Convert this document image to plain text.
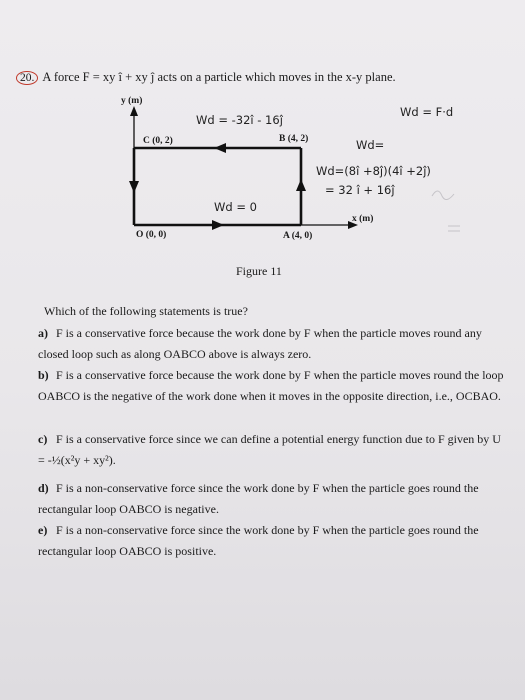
20. A force F = xy î + xy ĵ acts on a particle which moves in the x-y plane.
y (m)
x (m)
C (0, 2)	B (4, 2)
O (0, 0)	A (4, 0)
Wd = -32î - 16ĵ
Wd = F·d
Wd=
Wd=(8î +8ĵ)(4î +2ĵ)
= 32 î + 16ĵ
Wd = 0
Figure 11
Which of the following statements is true?
a) F is a conservative force because the work done by F when the particle moves round any closed loop such as along OABCO above is always zero.
b) F is a conservative force because the work done by F when the particle moves round the loop OABCO is the negative of the work done when it moves in the opposite direction, i.e., OCBAO.
c) F is a conservative force since we can define a potential energy function due to F given by U = -½(x²y + xy²).
d) F is a non-conservative force since the work done by F when the particle goes round the rectangular loop OABCO is negative.
e) F is a non-conservative force since the work done by F when the particle goes round the rectangular loop OABCO is positive.
